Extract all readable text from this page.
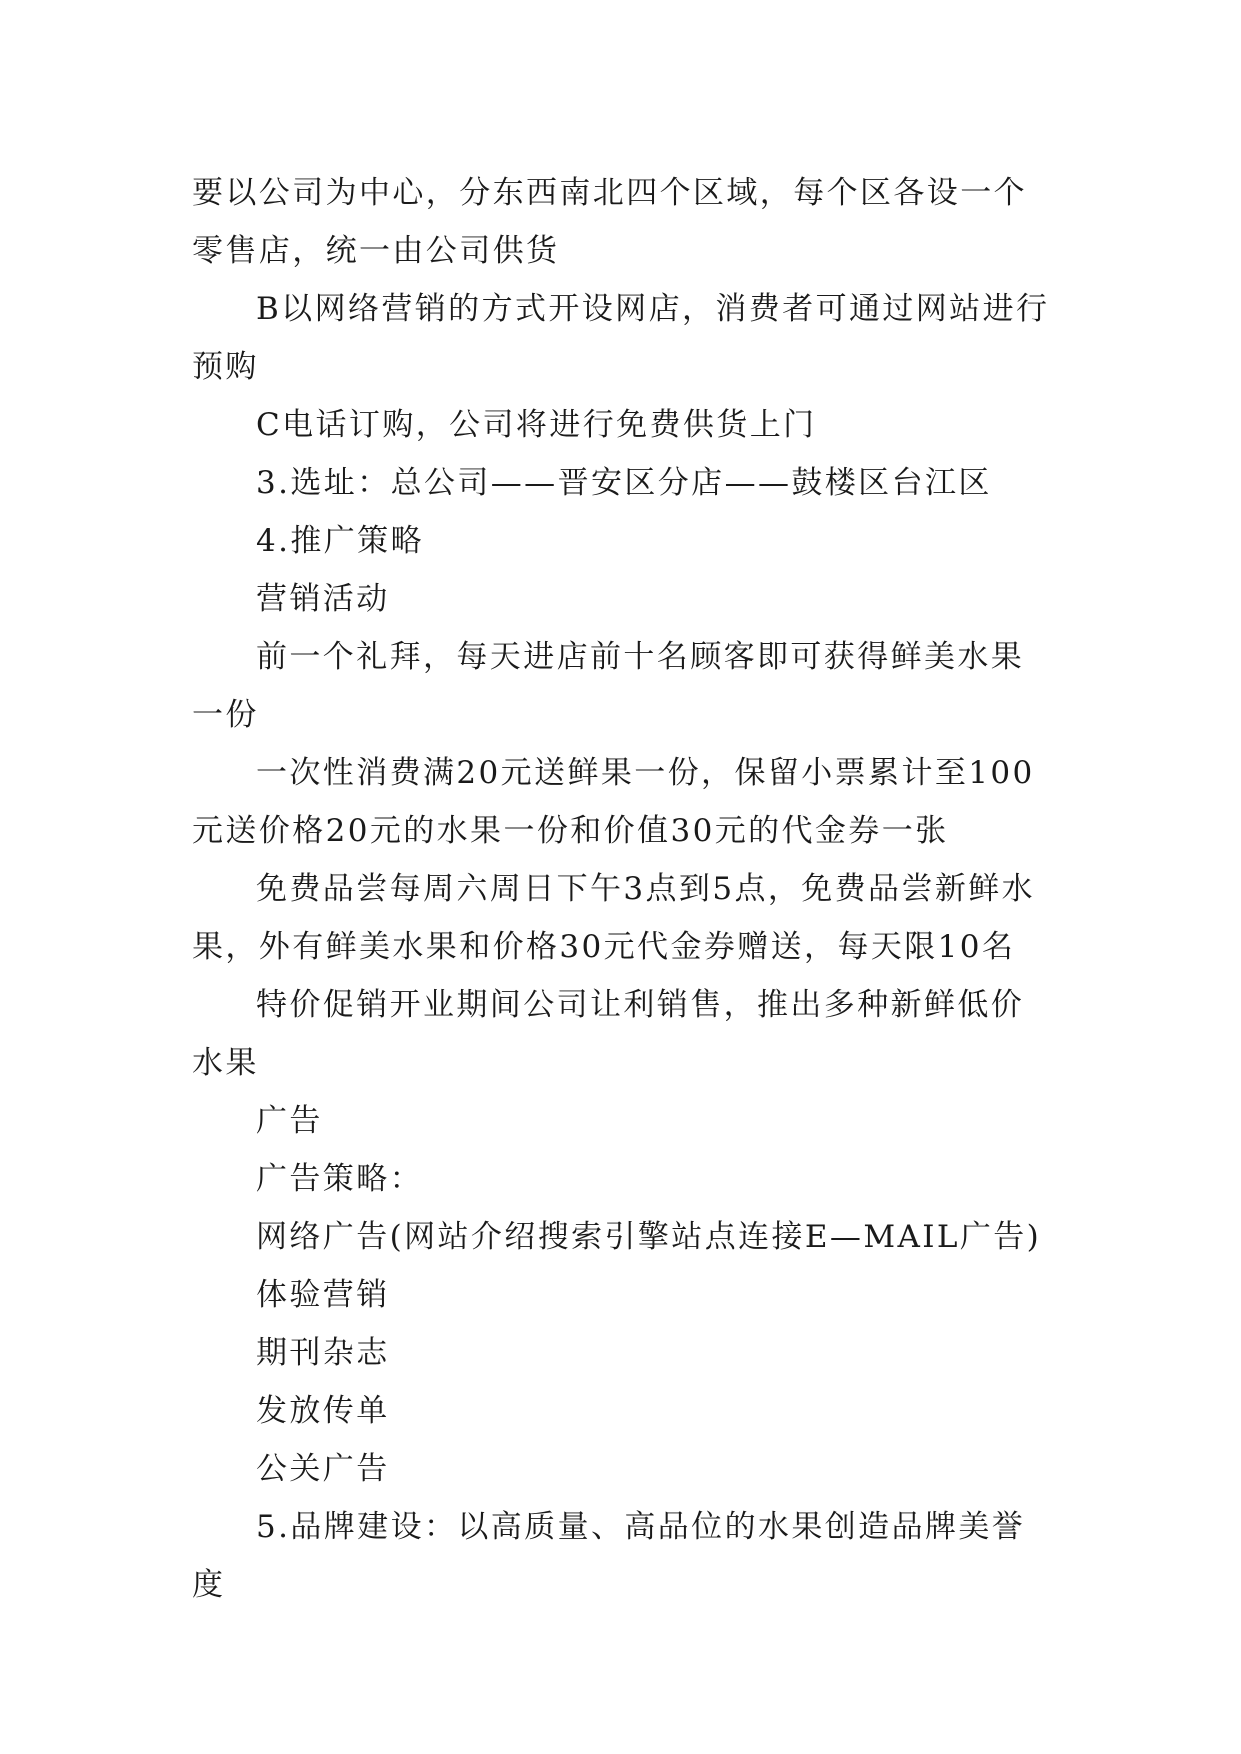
要以公司为中心，分东西南北四个区域，每个区各设一个零售店，统一由公司供货

B以网络营销的方式开设网店，消费者可通过网站进行预购

C电话订购，公司将进行免费供货上门

3.选址：总公司——晋安区分店——鼓楼区台江区

4.推广策略

营销活动

前一个礼拜，每天进店前十名顾客即可获得鲜美水果一份

一次性消费满20元送鲜果一份，保留小票累计至100元送价格20元的水果一份和价值30元的代金券一张

免费品尝每周六周日下午3点到5点，免费品尝新鲜水果，外有鲜美水果和价格30元代金券赠送，每天限10名

特价促销开业期间公司让利销售，推出多种新鲜低价水果

广告

广告策略：

网络广告(网站介绍搜索引擎站点连接E—MAIL广告)

体验营销

期刊杂志

发放传单

公关广告

5.品牌建设：以高质量、高品位的水果创造品牌美誉度
